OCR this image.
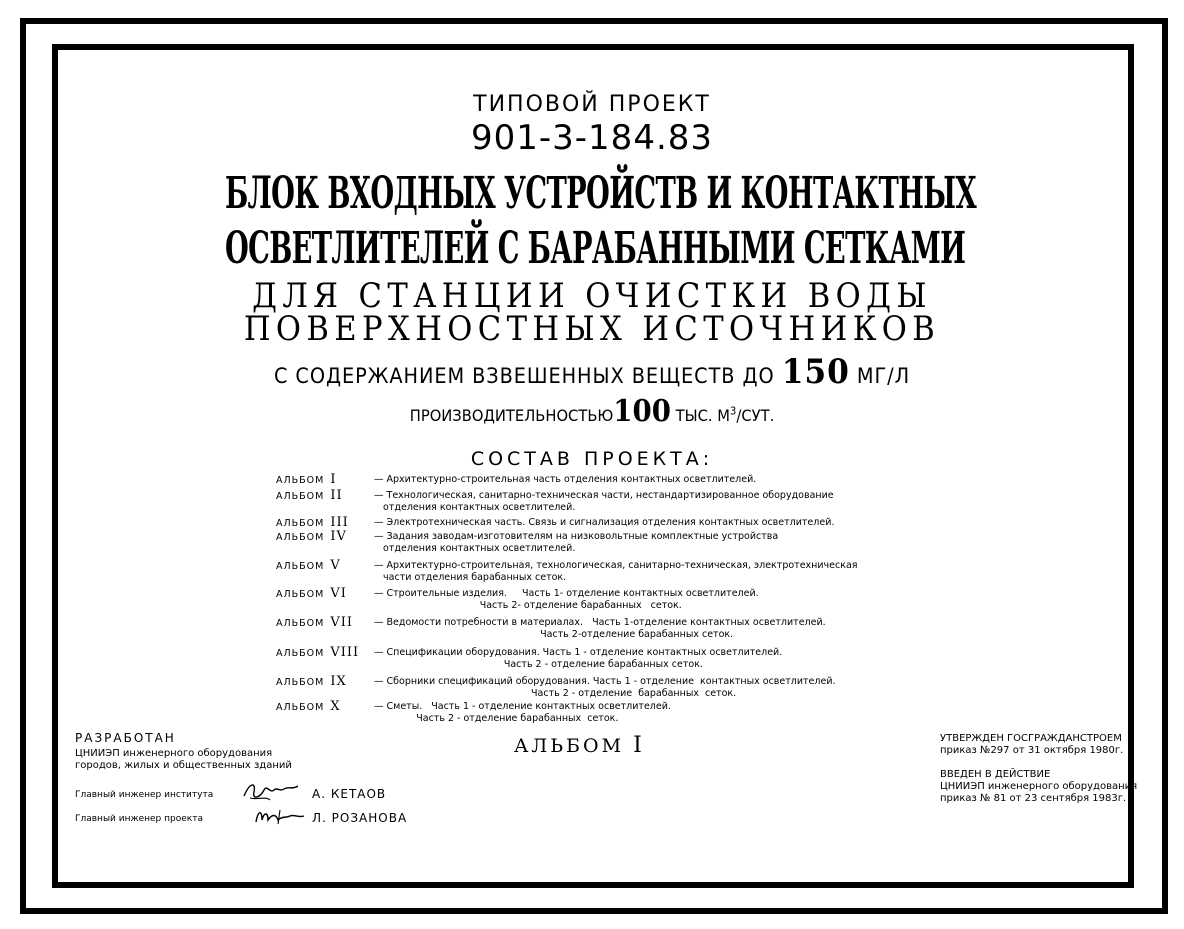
ТИПОВОЙ ПРОЕКТ
901-3-184.83
БЛОК ВХОДНЫХ УСТРОЙСТВ И КОНТАКТНЫХ
ОСВЕТЛИТЕЛЕЙ С БАРАБАННЫМИ СЕТКАМИ
ДЛЯ СТАНЦИИ ОЧИСТКИ ВОДЫ
ПОВЕРХНОСТНЫХ ИСТОЧНИКОВ
С СОДЕРЖАНИЕМ ВЗВЕШЕННЫХ ВЕЩЕСТВ ДО 150 МГ/Л
ПРОИЗВОДИТЕЛЬНОСТЬЮ100 ТЫС. $М^3$/СУТ.
СОСТАВ ПРОЕКТА:
АЛЬБОМ I	— Архитектурно-строительная часть отделения контактных осветлителей.
АЛЬБОМ II	— Технологическая, санитарно-техническая части, нестандартизированное оборудование
отделения контактных осветлителей.
АЛЬБОМ III	— Электротехническая часть. Связь и сигнализация отделения контактных осветлителей.
АЛЬБОМ IV	— Задания заводам-изготовителям на низковольтные комплектные устройства
отделения контактных осветлителей.
АЛЬБОМ V	— Архитектурно-строительная, технологическая, санитарно-техническая, электротехническая
части отделения барабанных сеток.
АЛЬБОМ VI	— Строительные изделия.     Часть 1- отделение контактных осветлителей.
Часть 2- отделение барабанных   сеток.
АЛЬБОМ VII	— Ведомости потребности в материалах.   Часть 1-отделение контактных осветлителей.
Часть 2-отделение барабанных сеток.
АЛЬБОМ VIII	— Спецификации оборудования. Часть 1 - отделение контактных осветлителей.
Часть 2 - отделение барабанных сеток.
АЛЬБОМ IX	— Сборники спецификаций оборудования. Часть 1 - отделение  контактных осветлителей.
Часть 2 - отделение  барабанных  сеток.
АЛЬБОМ X	— Сметы.   Часть 1 - отделение контактных осветлителей.
Часть 2 - отделение барабанных  сеток.
РАЗРАБОТАН
ЦНИИЭП инженерного оборудования
городов, жилых и общественных зданий
Главный инженер института	А. КЕТАОВ
Главный инженер проекта	Л. РОЗАНОВА
АЛЬБОМ I	УТВЕРЖДЕН ГОСГРАЖДАНСТРОЕМ
приказ №297 от 31 октября 1980г.
ВВЕДЕН В ДЕЙСТВИЕ
ЦНИИЭП инженерного оборудования
приказ № 81 от 23 сентября 1983г.
